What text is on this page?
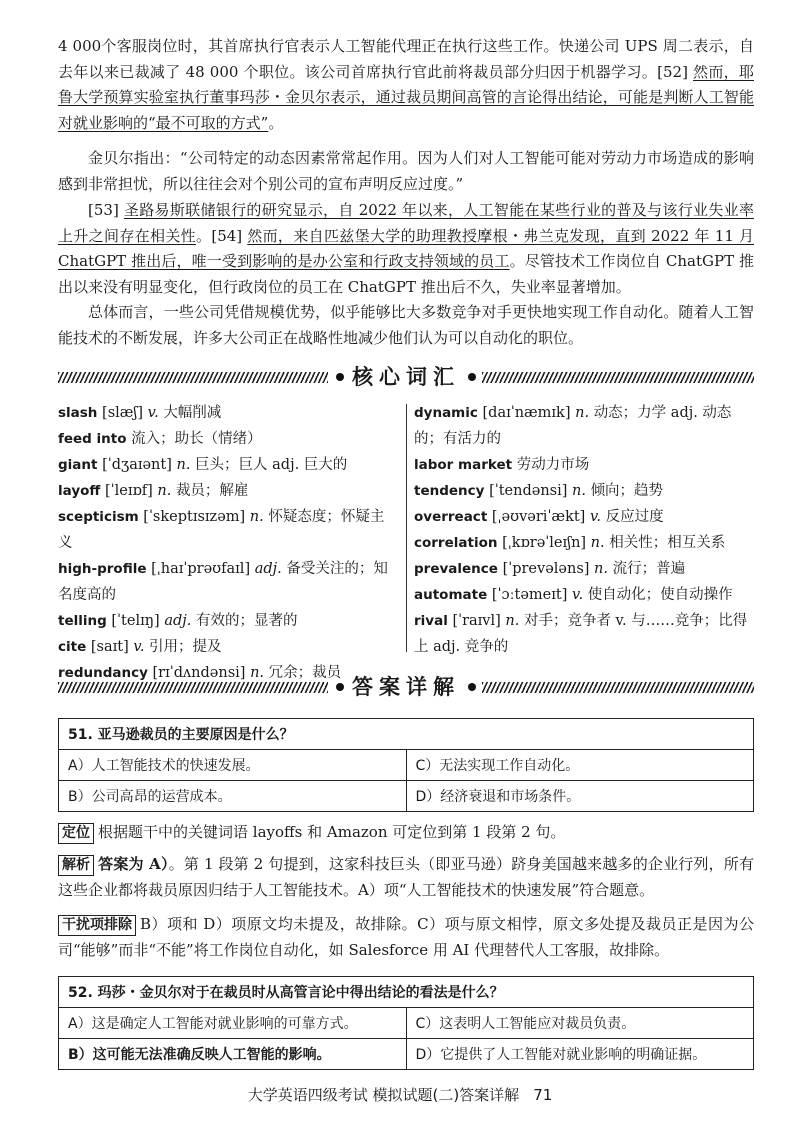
4 000个客服岗位时，其首席执行官表示人工智能代理正在执行这些工作。快递公司 UPS 周二表示，自去年以来已裁减了 48 000 个职位。该公司首席执行官此前将裁员部分归因于机器学习。[52] 然而，耶鲁大学预算实验室执行董事玛莎・金贝尔表示，通过裁员期间高管的言论得出结论，可能是判断人工智能对就业影响的“最不可取的方式”。

金贝尔指出：“公司特定的动态因素常常起作用。因为人们对人工智能可能对劳动力市场造成的影响感到非常担忧，所以往往会对个别公司的宣布声明反应过度。”

[53] 圣路易斯联储银行的研究显示，自 2022 年以来，人工智能在某些行业的普及与该行业失业率上升之间存在相关性。[54] 然而，来自匹兹堡大学的助理教授摩根・弗兰克发现，直到 2022 年 11 月 ChatGPT 推出后，唯一受到影响的是办公室和行政支持领域的员工。尽管技术工作岗位自 ChatGPT 推出以来没有明显变化，但行政岗位的员工在 ChatGPT 推出后不久，失业率显著增加。

总体而言，一些公司凭借规模优势，似乎能够比大多数竞争对手更快地实现工作自动化。随着人工智能技术的不断发展，许多大公司正在战略性地减少他们认为可以自动化的职位。

核心词汇

slash [slæʃ] v. 大幅削减

feed into 流入；助长（情绪）

giant [ˈdʒaɪənt] n. 巨头；巨人 adj. 巨大的

layoff [ˈleɪɒf] n. 裁员；解雇

scepticism [ˈskeptɪsɪzəm] n. 怀疑态度；怀疑主义

high-profile [ˌhaɪˈprəʊfaɪl] adj. 备受关注的；知名度高的

telling [ˈtelɪŋ] adj. 有效的；显著的

cite [saɪt] v. 引用；提及

redundancy [rɪˈdʌndənsi] n. 冗余；裁员

dynamic [daɪˈnæmɪk] n. 动态；力学 adj. 动态的；有活力的

labor market 劳动力市场

tendency [ˈtendənsi] n. 倾向；趋势

overreact [ˌəʊvəriˈækt] v. 反应过度

correlation [ˌkɒrəˈleɪʃn] n. 相关性；相互关系

prevalence [ˈprevələns] n. 流行；普遍

automate [ˈɔːtəmeɪt] v. 使自动化；使自动操作

rival [ˈraɪvl] n. 对手；竞争者 v. 与……竞争；比得上 adj. 竞争的

答案详解
51. 亚马逊裁员的主要原因是什么？	
A）人工智能技术的快速发展。	C）无法实现工作自动化。
B）公司高昂的运营成本。	D）经济衰退和市场条件。

定位 根据题干中的关键词语 layoffs 和 Amazon 可定位到第 1 段第 2 句。

解析 答案为 A）。第 1 段第 2 句提到，这家科技巨头（即亚马逊）跻身美国越来越多的企业行列，所有这些企业都将裁员原因归结于人工智能技术。A）项“人工智能技术的快速发展”符合题意。

干扰项排除 B）项和 D）项原文均未提及，故排除。C）项与原文相悖，原文多处提及裁员正是因为公司“能够”而非“不能”将工作岗位自动化，如 Salesforce 用 AI 代理替代人工客服，故排除。

52. 玛莎・金贝尔对于在裁员时从高管言论中得出结论的看法是什么？	
A）这是确定人工智能对就业影响的可靠方式。	C）这表明人工智能应对裁员负责。
B）这可能无法准确反映人工智能的影响。	D）它提供了人工智能对就业影响的明确证据。
大学英语四级考试 模拟试题(二)答案详解 71
